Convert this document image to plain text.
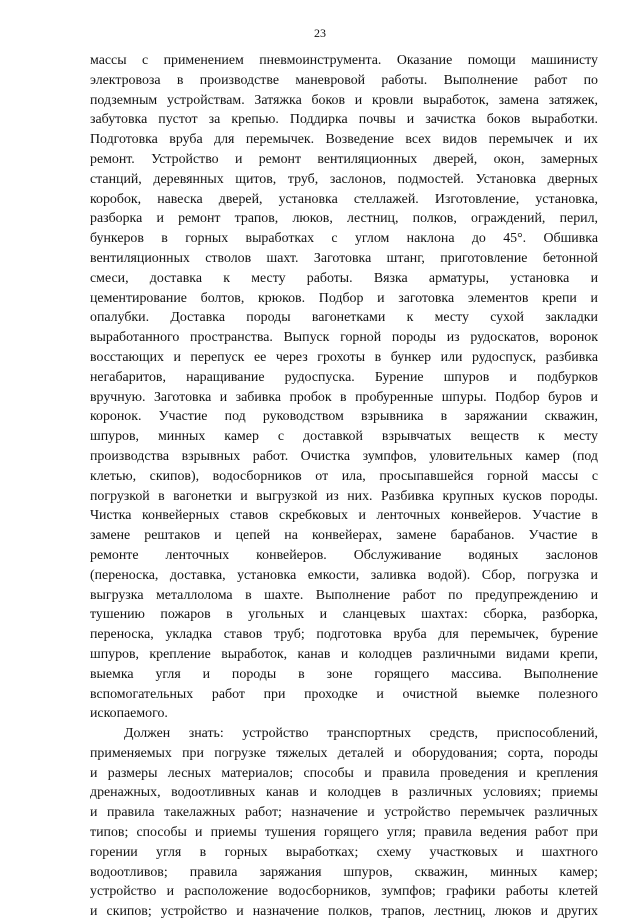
23
массы с применением пневмоинструмента. Оказание помощи машинисту
электровоза в производстве маневровой работы. Выполнение работ по
подземным устройствам. Затяжка боков и кровли выработок, замена затяжек,
забутовка пустот за крепью. Поддирка почвы и зачистка боков выработки.
Подготовка вруба для перемычек. Возведение всех видов перемычек и их
ремонт. Устройство и ремонт вентиляционных дверей, окон, замерных
станций, деревянных щитов, труб, заслонов, подмостей. Установка дверных
коробок, навеска дверей, установка стеллажей. Изготовление, установка,
разборка и ремонт трапов, люков, лестниц, полков, ограждений, перил,
бункеров в горных выработках с углом наклона до 45°. Обшивка
вентиляционных стволов шахт. Заготовка штанг, приготовление бетонной
смеси, доставка к месту работы. Вязка арматуры, установка и
цементирование болтов, крюков. Подбор и заготовка элементов крепи и
опалубки. Доставка породы вагонетками к месту сухой закладки
выработанного пространства. Выпуск горной породы из рудоскатов, воронок
восстающих и перепуск ее через грохоты в бункер или рудоспуск, разбивка
негабаритов, наращивание рудоспуска. Бурение шпуров и подбурков
вручную. Заготовка и забивка пробок в пробуренные шпуры. Подбор буров и
коронок. Участие под руководством взрывника в заряжании скважин,
шпуров, минных камер с доставкой взрывчатых веществ к месту
производства взрывных работ. Очистка зумпфов, уловительных камер (под
клетью, скипов), водосборников от ила, просыпавшейся горной массы с
погрузкой в вагонетки и выгрузкой из них. Разбивка крупных кусков породы.
Чистка конвейерных ставов скребковых и ленточных конвейеров. Участие в
замене рештаков и цепей на конвейерах, замене барабанов. Участие в
ремонте ленточных конвейеров. Обслуживание водяных заслонов
(переноска, доставка, установка емкости, заливка водой). Сбор, погрузка и
выгрузка металлолома в шахте. Выполнение работ по предупреждению и
тушению пожаров в угольных и сланцевых шахтах: сборка, разборка,
переноска, укладка ставов труб; подготовка вруба для перемычек, бурение
шпуров, крепление выработок, канав и колодцев различными видами крепи,
выемка угля и породы в зоне горящего массива. Выполнение
вспомогательных работ при проходке и очистной выемке полезного
ископаемого.
Должен знать: устройство транспортных средств, приспособлений,
применяемых при погрузке тяжелых деталей и оборудования; сорта, породы
и размеры лесных материалов; способы и правила проведения и крепления
дренажных, водоотливных канав и колодцев в различных условиях; приемы
и правила такелажных работ; назначение и устройство перемычек различных
типов; способы и приемы тушения горящего угля; правила ведения работ при
горении угля в горных выработках; схему участковых и шахтного
водоотливов; правила заряжания шпуров, скважин, минных камер;
устройство и расположение водосборников, зумпфов; графики работы клетей
и скипов; устройство и назначение полков, трапов, лестниц, люков и других
